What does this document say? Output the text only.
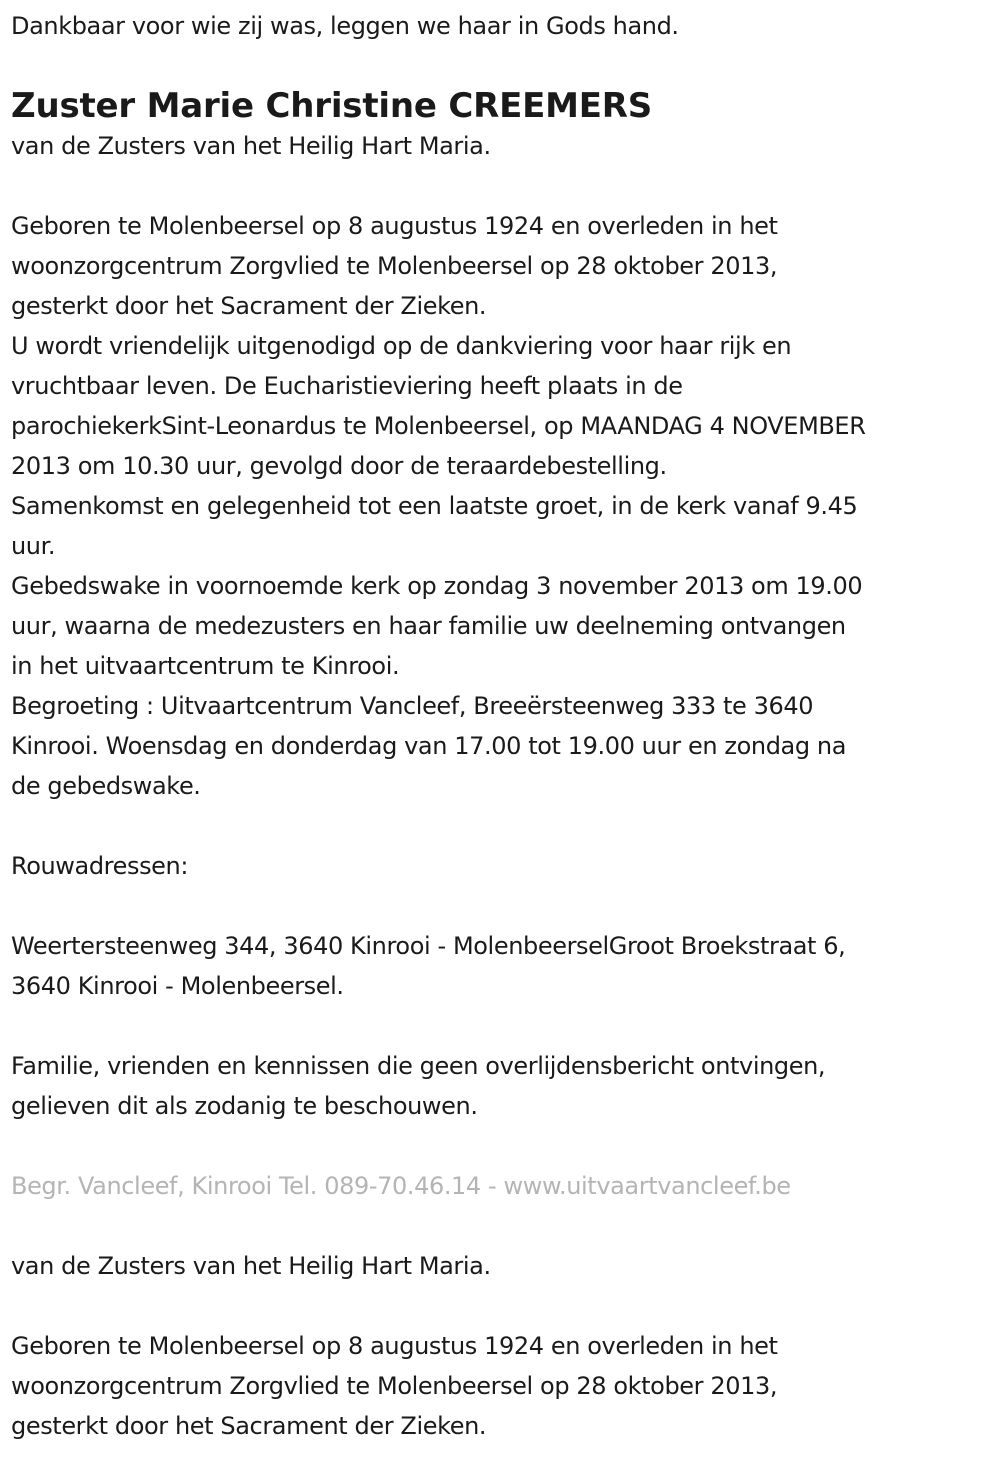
Dankbaar voor wie zij was, leggen we haar in Gods hand.
Zuster Marie Christine CREEMERS
van de Zusters van het Heilig Hart Maria.
Geboren te Molenbeersel op 8 augustus 1924 en overleden in het
woonzorgcentrum Zorgvlied te Molenbeersel op 28 oktober 2013,
gesterkt door het Sacrament der Zieken.
U wordt vriendelijk uitgenodigd op de dankviering voor haar rijk en
vruchtbaar leven. De Eucharistieviering heeft plaats in de
parochiekerkSint-Leonardus te Molenbeersel, op MAANDAG 4 NOVEMBER
2013 om 10.30 uur, gevolgd door de teraardebestelling.
Samenkomst en gelegenheid tot een laatste groet, in de kerk vanaf 9.45
uur.
Gebedswake in voornoemde kerk op zondag 3 november 2013 om 19.00
uur, waarna de medezusters en haar familie uw deelneming ontvangen
in het uitvaartcentrum te Kinrooi.
Begroeting : Uitvaartcentrum Vancleef, Breeërsteenweg 333 te 3640
Kinrooi. Woensdag en donderdag van 17.00 tot 19.00 uur en zondag na
de gebedswake.
Rouwadressen:
Weertersteenweg 344, 3640 Kinrooi - MolenbeerselGroot Broekstraat 6,
3640 Kinrooi - Molenbeersel.
Familie, vrienden en kennissen die geen overlijdensbericht ontvingen,
gelieven dit als zodanig te beschouwen.
Begr. Vancleef, Kinrooi Tel. 089-70.46.14 - www.uitvaartvancleef.be
van de Zusters van het Heilig Hart Maria.
Geboren te Molenbeersel op 8 augustus 1924 en overleden in het
woonzorgcentrum Zorgvlied te Molenbeersel op 28 oktober 2013,
gesterkt door het Sacrament der Zieken.
